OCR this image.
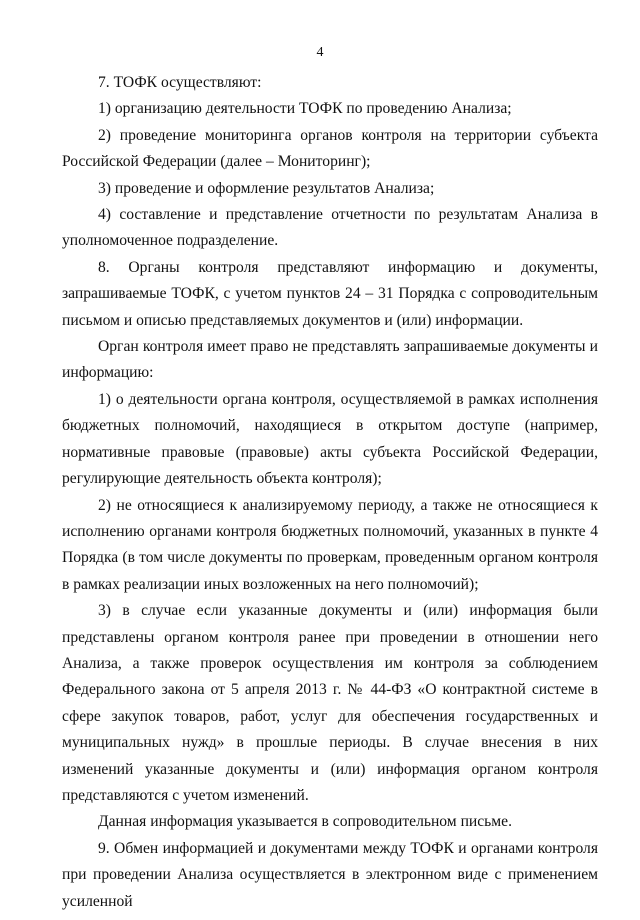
4

7. ТОФК осуществляют:

1) организацию деятельности ТОФК по проведению Анализа;

2) проведение мониторинга органов контроля на территории субъекта Российской Федерации (далее – Мониторинг);

3) проведение и оформление результатов Анализа;

4) составление и представление отчетности по результатам Анализа в уполномоченное подразделение.

8. Органы контроля представляют информацию и документы, запрашиваемые ТОФК, с учетом пунктов 24 – 31 Порядка с сопроводительным письмом и описью представляемых документов и (или) информации.

Орган контроля имеет право не представлять запрашиваемые документы и информацию:

1) о деятельности органа контроля, осуществляемой в рамках исполнения бюджетных полномочий, находящиеся в открытом доступе (например, нормативные правовые (правовые) акты субъекта Российской Федерации, регулирующие деятельность объекта контроля);

2) не относящиеся к анализируемому периоду, а также не относящиеся к исполнению органами контроля бюджетных полномочий, указанных в пункте 4 Порядка (в том числе документы по проверкам, проведенным органом контроля в рамках реализации иных возложенных на него полномочий);

3) в случае если указанные документы и (или) информация были представлены органом контроля ранее при проведении в отношении него Анализа, а также проверок осуществления им контроля за соблюдением Федерального закона от 5 апреля 2013 г. № 44-ФЗ «О контрактной системе в сфере закупок товаров, работ, услуг для обеспечения государственных и муниципальных нужд» в прошлые периоды. В случае внесения в них изменений указанные документы и (или) информация органом контроля представляются с учетом изменений.

Данная информация указывается в сопроводительном письме.

9. Обмен информацией и документами между ТОФК и органами контроля при проведении Анализа осуществляется в электронном виде с применением усиленной
